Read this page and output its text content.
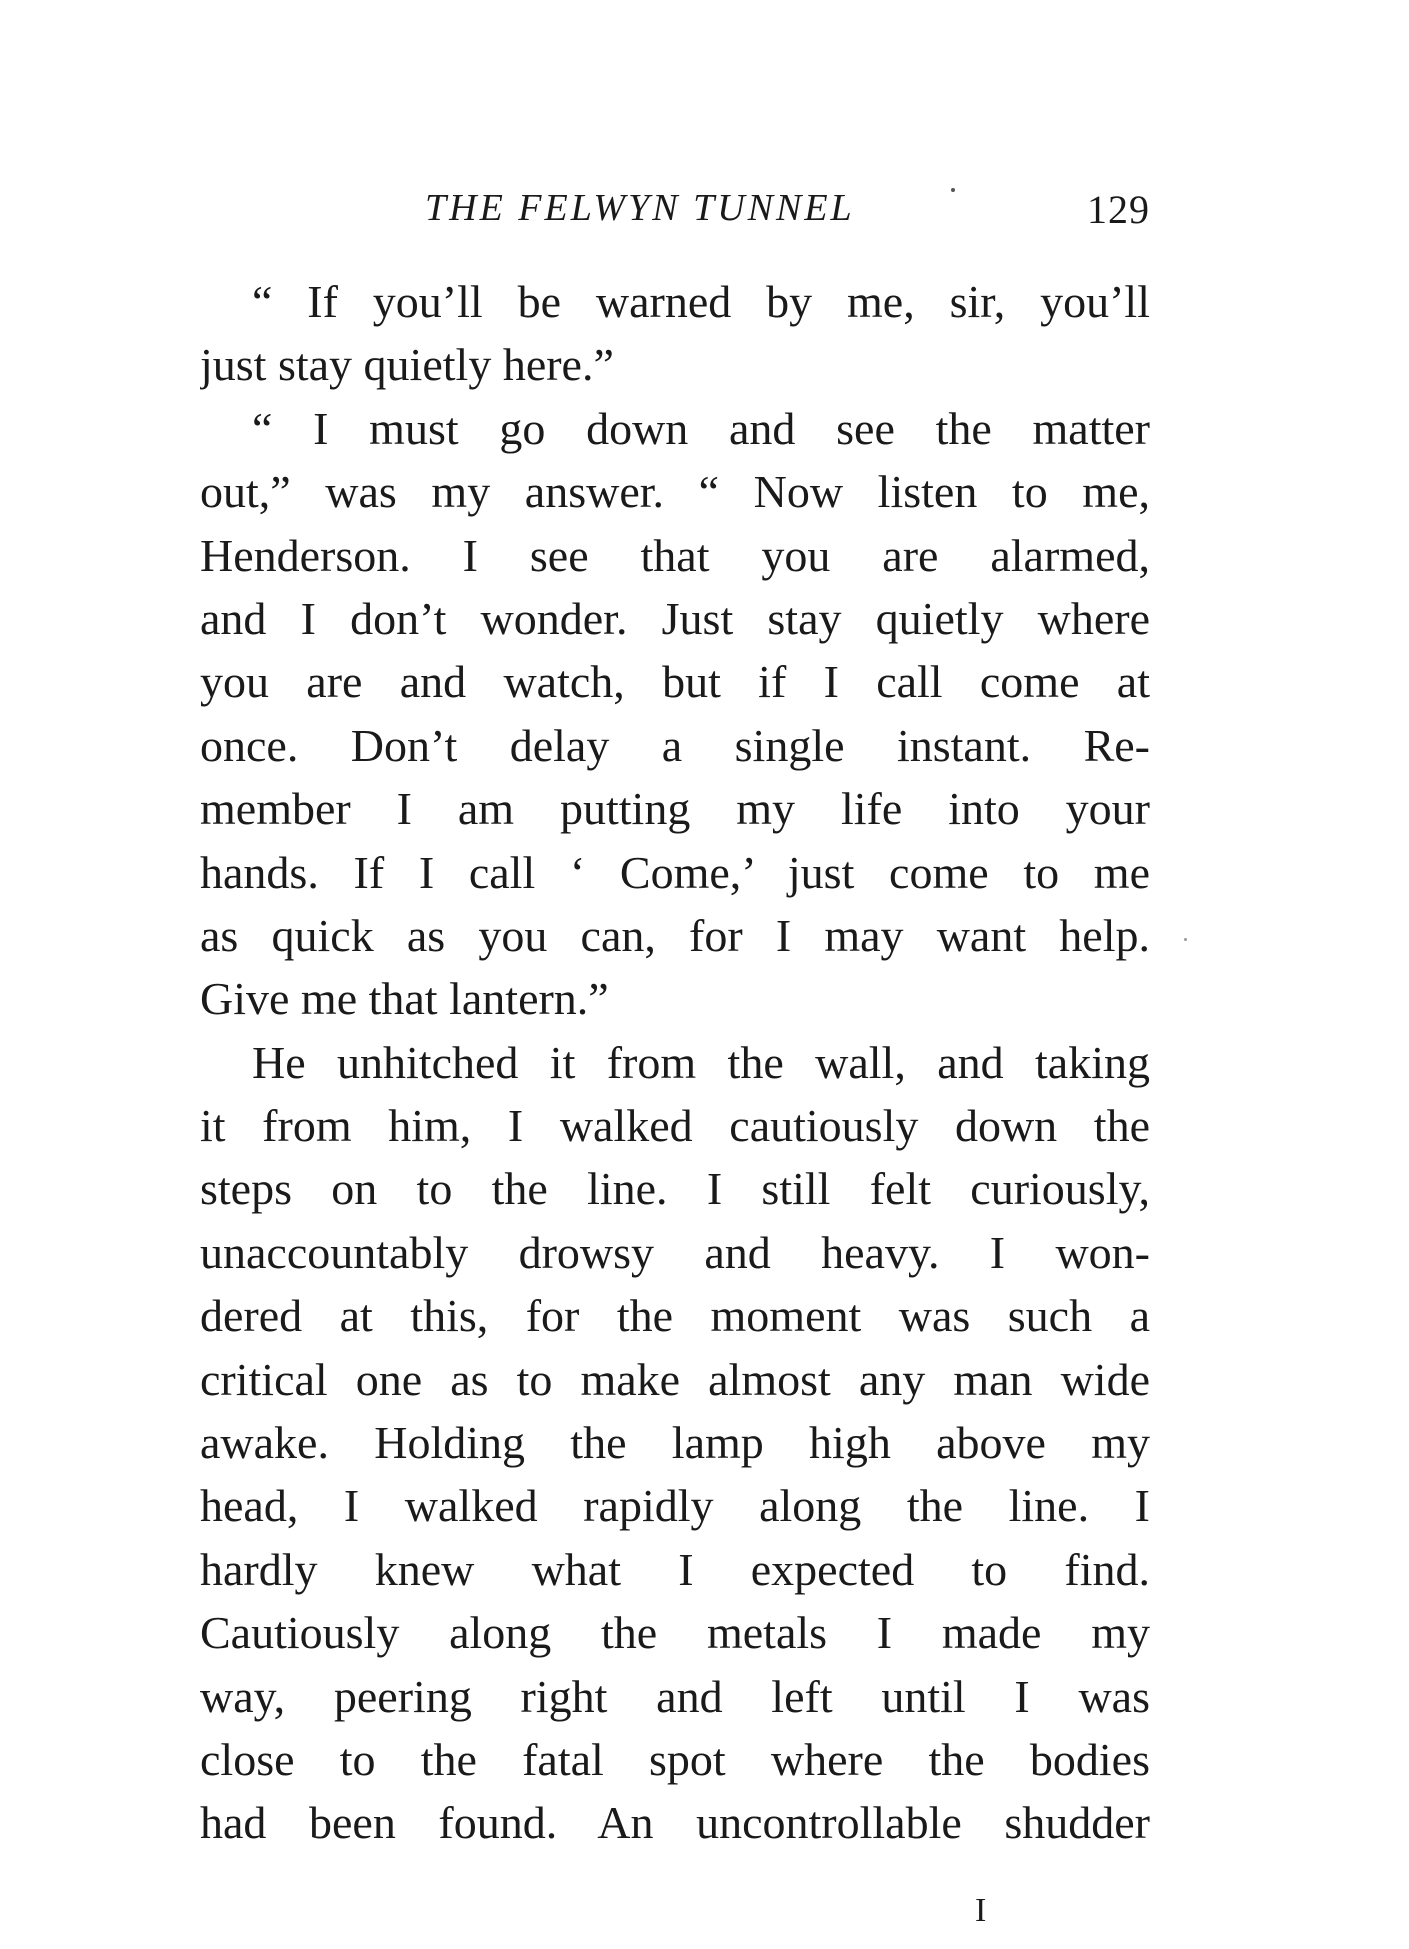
THE FELWYN TUNNEL	129
“ If you’ll be warned by me, sir, you’ll
just stay quietly here.”
“ I must go down and see the matter
out,” was my answer. “ Now listen to me,
Henderson. I see that you are alarmed,
and I don’t wonder. Just stay quietly where
you are and watch, but if I call come at
once. Don’t delay a single instant. Re-
member I am putting my life into your
hands. If I call ‘ Come,’ just come to me
as quick as you can, for I may want help.
Give me that lantern.”
He unhitched it from the wall, and taking
it from him, I walked cautiously down the
steps on to the line. I still felt curiously,
unaccountably drowsy and heavy. I won-
dered at this, for the moment was such a
critical one as to make almost any man wide
awake. Holding the lamp high above my
head, I walked rapidly along the line. I
hardly knew what I expected to find.
Cautiously along the metals I made my
way, peering right and left until I was
close to the fatal spot where the bodies
had been found. An uncontrollable shudder
I
